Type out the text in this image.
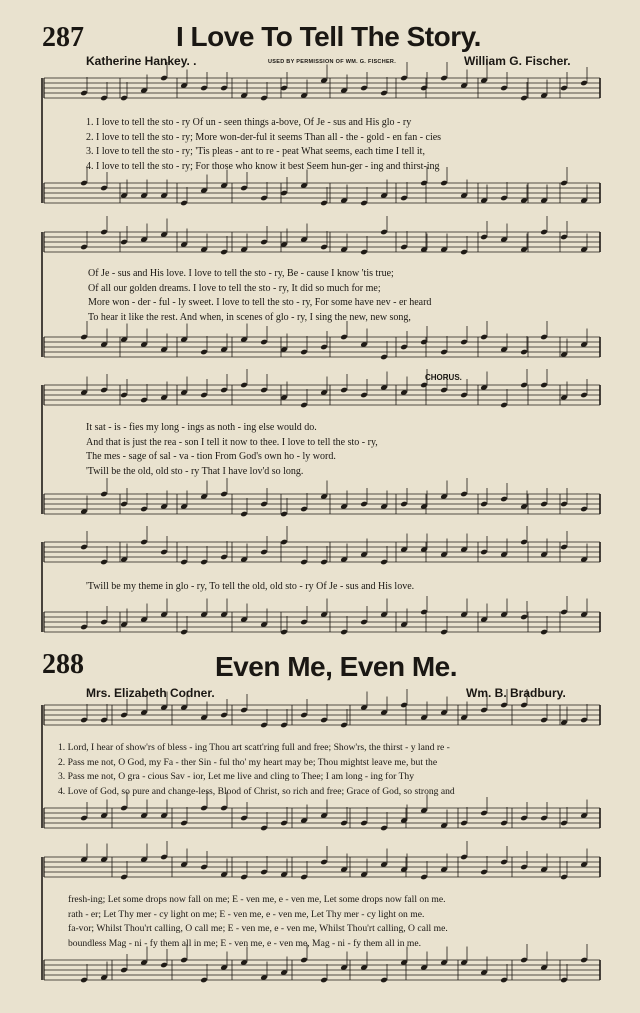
287	I Love To Tell The Story.
Katherine Hankey. .	USED BY PERMISSION OF WM. G. FISCHER.	William G. Fischer.
1. I love to tell the sto - ry Of un - seen things a-bove, Of Je - sus and His glo - ry
2. I love to tell the sto - ry; More won-der-ful it seems Than all - the - gold - en fan - cies
3. I love to tell the sto - ry; 'Tis pleas - ant to re - peat What seems, each time I tell it,
4. I love to tell the sto - ry; For those who know it best Seem hun-ger - ing and thirst-ing
Of Je - sus and His love. I love to tell the sto - ry, Be - cause I know 'tis true;
Of all our golden dreams. I love to tell the sto - ry, It did so much for me;
More won - der - ful - ly sweet. I love to tell the sto - ry, For some have nev - er heard
To hear it like the rest. And when, in scenes of glo - ry, I sing the new, new song,
CHORUS.
It sat - is - fies my long - ings as noth - ing else would do.
And that is just the rea - son I tell it now to thee. I love to tell the sto - ry,
The mes - sage of sal - va - tion From God's own ho - ly word.
'Twill be the old, old sto - ry That I have lov'd so long.
'Twill be my theme in glo - ry, To tell the old, old sto - ry Of Je - sus and His love.
288	Even Me, Even Me.
Mrs. Elizabeth Codner.	Wm. B. Bradbury.
1. Lord, I hear of show'rs of bless - ing Thou art scatt'ring full and free; Show'rs, the thirst - y land re -
2. Pass me not, O God, my Fa - ther Sin - ful tho' my heart may be; Thou mightst leave me, but the
3. Pass me not, O gra - cious Sav - ior, Let me live and cling to Thee; I am long - ing for Thy
4. Love of God, so pure and change-less, Blood of Christ, so rich and free; Grace of God, so strong and
fresh-ing; Let some drops now fall on me; E - ven me, e - ven me, Let some drops now fall on me.
rath - er; Let Thy mer - cy light on me; E - ven me, e - ven me, Let Thy mer - cy light on me.
fa-vor; Whilst Thou'rt calling, O call me; E - ven me, e - ven me, Whilst Thou'rt calling, O call me.
boundless Mag - ni - fy them all in me; E - ven me, e - ven me, Mag - ni - fy them all in me.
